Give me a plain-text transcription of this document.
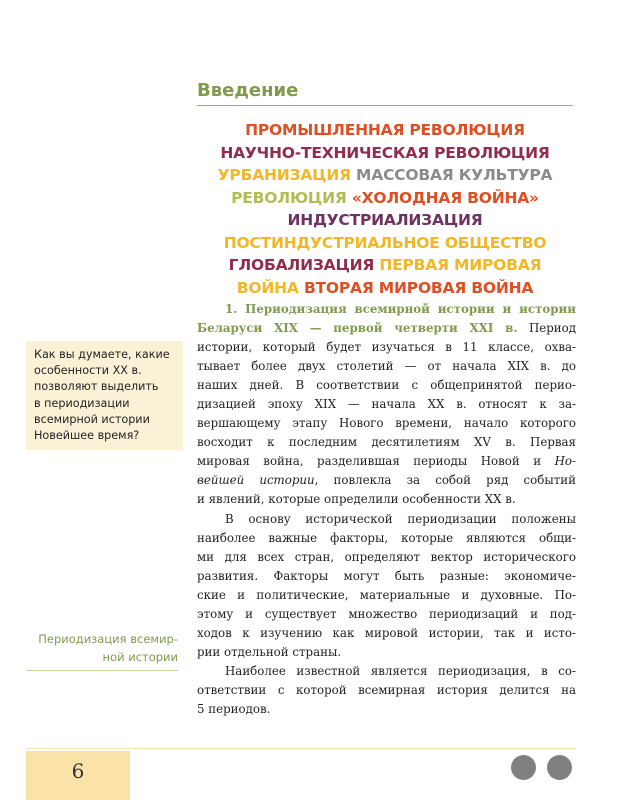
Введение
ПРОМЫШЛЕННАЯ РЕВОЛЮЦИЯ
НАУЧНО-ТЕХНИЧЕСКАЯ РЕВОЛЮЦИЯ
УРБАНИЗАЦИЯ МАССОВАЯ КУЛЬТУРА
РЕВОЛЮЦИЯ «ХОЛОДНАЯ ВОЙНА»
ИНДУСТРИАЛИЗАЦИЯ
ПОСТИНДУСТРИАЛЬНОЕ ОБЩЕСТВО
ГЛОБАЛИЗАЦИЯ ПЕРВАЯ МИРОВАЯ
ВОЙНА ВТОРАЯ МИРОВАЯ ВОЙНА
Как вы думаете, какие
особенности XX в.
позволяют выделить
в периодизации
всемирной истории
Новейшее время?
Периодизация всемир-
ной истории
1. Периодизация всемирной истории и истории
Беларуси XIX — первой четверти XXI в. Период
истории, который будет изучаться в 11 классе, охва-
тывает более двух столетий — от начала XIX в. до
наших дней. В соответствии с общепринятой перио-
дизацией эпоху XIX — начала XX в. относят к за-
вершающему этапу Нового времени, начало которого
восходит к последним десятилетиям XV в. Первая
мировая война, разделившая периоды Новой и Но-
вейшей истории, повлекла за собой ряд событий
и явлений, которые определили особенности XX в.
В основу исторической периодизации положены
наиболее важные факторы, которые являются общи-
ми для всех стран, определяют вектор исторического
развития. Факторы могут быть разные: экономиче-
ские и политические, материальные и духовные. По-
этому и существует множество периодизаций и под-
ходов к изучению как мировой истории, так и исто-
рии отдельной страны.
Наиболее известной является периодизация, в со-
ответствии с которой всемирная история делится на
5 периодов.
6
